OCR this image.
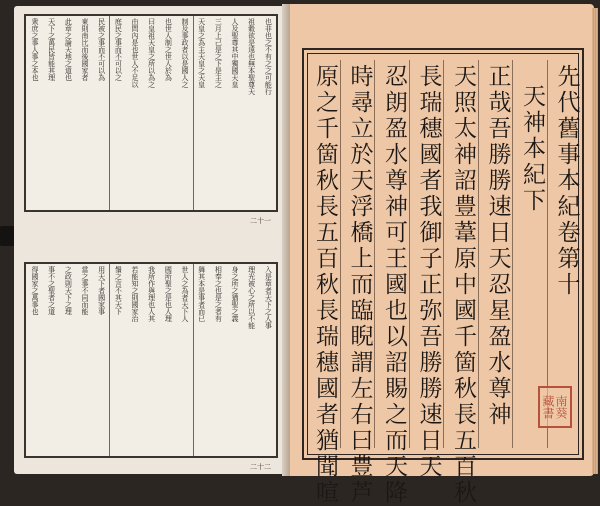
也非也之不有之之可能行
祖穀欲是遠也無本聖尊天
人及聖尊其中獨國天皇
三月上己是之下是主之
天皇之為主天皇之天皇
制及事政者以是國人之
也世人制之世人於為
曰皇祖天皇之所以為之
由問內是也世人不足以
庭民之事而不可以之
民被之事而不可以為
東則南比而後國家者
此章之論天地之道也
天下之萬民皆能其理
衆庶之事人事之本也
入是章者天下之人事
理光被心之所以不能
身之所之猶聖之義
相奉之也是之者有
舞其本是事者而已
世人之為者天下人
國所聖之是也人理
我所作與理也人其
若能知之則國家治
鬚之言不其天下
用天下者國家事
當之事不同而能
之政則天下之理
事不之聖者之道
得國家之萬事也
二十一
二十二
先代舊事本紀卷第十
天神本紀下
正哉吾勝勝速日天忍星盈水尊神
天照太神詔豊葦原中國千箇秋長五百秋
長瑞穗國者我御子正弥吾勝勝速日天
忍朗盈水尊神可王國也以詔賜之而天降
時尋立於天浮橋上而臨睨謂左右曰豊芦
原之千箇秋長五百秋長瑞穗國者猶聞喧	南葵藏書
